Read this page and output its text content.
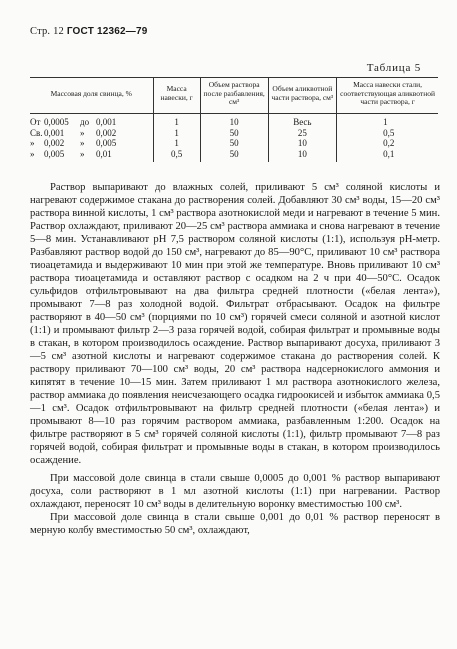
Стр. 12 ГОСТ 12362—79
Таблица 5
Массовая доля свинца, %	Масса навески, г	Объем раствора после разбавления, см³	Объем аликвотной части раствора, см³	Масса навески стали, соответствующая аликвотной части раствора, г
От 0,0005 до 0,001	1	10	Весь	1
Св.0,001 » 0,002	1	50	25	0,5
» 0,002 » 0,005	1	50	10	0,2
» 0,005 » 0,01	0,5	50	10	0,1

Раствор выпаривают до влажных солей, приливают 5 см³ соляной кислоты и нагревают содержимое стакана до растворения солей. Добавляют 30 см³ воды, 15—20 см³ раствора винной кислоты, 1 см³ раствора азотнокислой меди и нагревают в течение 5 мин. Раствор охлаждают, приливают 20—25 см³ раствора аммиака и снова нагревают в течение 5—8 мин. Устанавливают pH 7,5 раствором соляной кислоты (1:1), используя pH-метр. Разбавляют раствор водой до 150 см³, нагревают до 85—90°С, приливают 10 см³ раствора тиоацетамида и выдерживают 10 мин при этой же температуре. Вновь приливают 10 см³ раствора тиоацетамида и оставляют раствор с осадком на 2 ч при 40—50°С. Осадок сульфидов отфильтровывают на два фильтра средней плотности («белая лента»), промывают 7—8 раз холодной водой. Фильтрат отбрасывают. Осадок на фильтре растворяют в 40—50 см³ (порциями по 10 см³) горячей смеси соляной и азотной кислот (1:1) и промывают фильтр 2—3 раза горячей водой, собирая фильтрат и промывные воды в стакан, в котором производилось осаждение. Раствор выпаривают досуха, приливают 3—5 см³ азотной кислоты и нагревают содержимое стакана до растворения солей. К раствору приливают 70—100 см³ воды, 20 см³ раствора надсернокислого аммония и кипятят в течение 10—15 мин. Затем приливают 1 мл раствора азотнокислого железа, раствор аммиака до появления неисчезающего осадка гидроокисей и избыток аммиака 0,5—1 см³. Осадок отфильтровывают на фильтр средней плотности («белая лента») и промывают 8—10 раз горячим раствором аммиака, разбавленным 1:200. Осадок на фильтре растворяют в 5 см³ горячей соляной кислоты (1:1), фильтр промывают 7—8 раз горячей водой, собирая фильтрат и промывные воды в стакан, в котором производилось осаждение.

При массовой доле свинца в стали свыше 0,0005 до 0,001 % раствор выпаривают досуха, соли растворяют в 1 мл азотной кислоты (1:1) при нагревании. Раствор охлаждают, переносят 10 см³ воды в делительную воронку вместимостью 100 см³.

При массовой доле свинца в стали свыше 0,001 до 0,01 % раствор переносят в мерную колбу вместимостью 50 см³, охлаждают,
